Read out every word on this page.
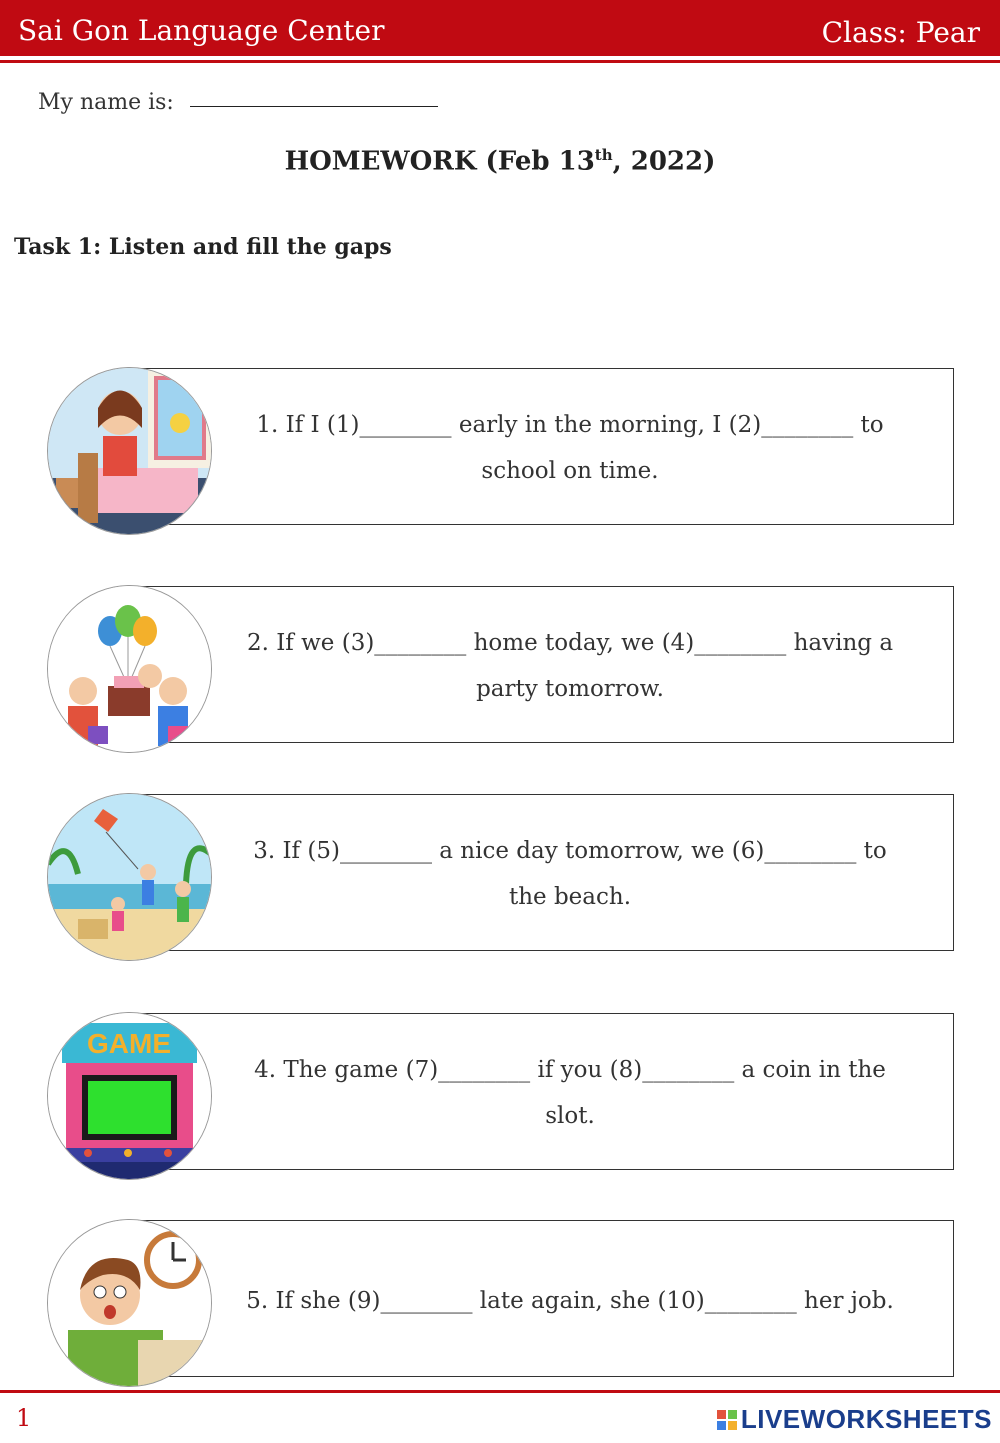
Sai Gon Language Center	Class: Pear
My name is:
HOMEWORK (Feb 13th, 2022)
Task 1: Listen and fill the gaps
1. If I (1)________ early in the morning, I (2)________ to
school on time.
2. If we (3)________ home today, we (4)________ having a
party tomorrow.
3. If (5)________ a nice day tomorrow, we (6)________ to
the beach.
4. The game (7)________ if you (8)________ a coin in the
slot.
GAME
5. If she (9)________ late again, she (10)________ her job.
1	LIVEWORKSHEETS
